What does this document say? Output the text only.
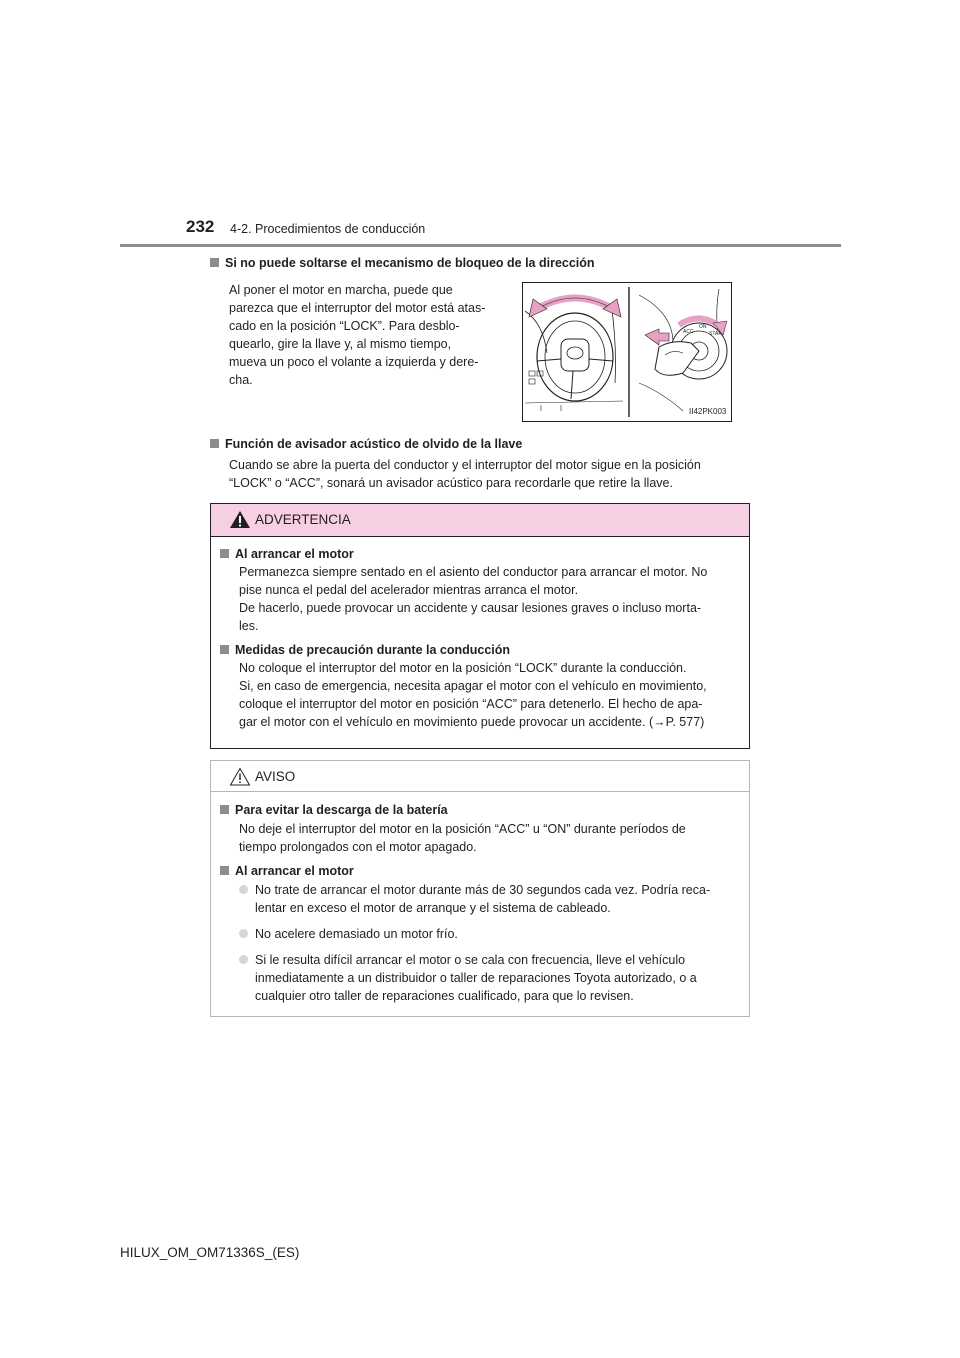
232 4-2. Procedimientos de conducción
Si no puede soltarse el mecanismo de bloqueo de la dirección
Al poner el motor en marcha, puede que
parezca que el interruptor del motor está atas-
cado en la posición “LOCK”. Para desblo-
quearlo, gire la llave y, al mismo tiempo,
mueva un poco el volante a izquierda y dere-
cha.
ACC
ON
START
II42PK003
Función de avisador acústico de olvido de la llave
Cuando se abre la puerta del conductor y el interruptor del motor sigue en la posición
“LOCK” o “ACC”, sonará un avisador acústico para recordarle que retire la llave.
ADVERTENCIA
Al arrancar el motor
Permanezca siempre sentado en el asiento del conductor para arrancar el motor. No
pise nunca el pedal del acelerador mientras arranca el motor.
De hacerlo, puede provocar un accidente y causar lesiones graves o incluso morta-
les.
Medidas de precaución durante la conducción
No coloque el interruptor del motor en la posición “LOCK” durante la conducción.
Si, en caso de emergencia, necesita apagar el motor con el vehículo en movimiento,
coloque el interruptor del motor en posición “ACC” para detenerlo. El hecho de apa-
gar el motor con el vehículo en movimiento puede provocar un accidente. (→P. 577)
AVISO
Para evitar la descarga de la batería
No deje el interruptor del motor en la posición “ACC” u “ON” durante períodos de
tiempo prolongados con el motor apagado.
Al arrancar el motor
No trate de arrancar el motor durante más de 30 segundos cada vez. Podría reca-
lentar en exceso el motor de arranque y el sistema de cableado.
No acelere demasiado un motor frío.
Si le resulta difícil arrancar el motor o se cala con frecuencia, lleve el vehículo
inmediatamente a un distribuidor o taller de reparaciones Toyota autorizado, o a
cualquier otro taller de reparaciones cualificado, para que lo revisen.
HILUX_OM_OM71336S_(ES)
